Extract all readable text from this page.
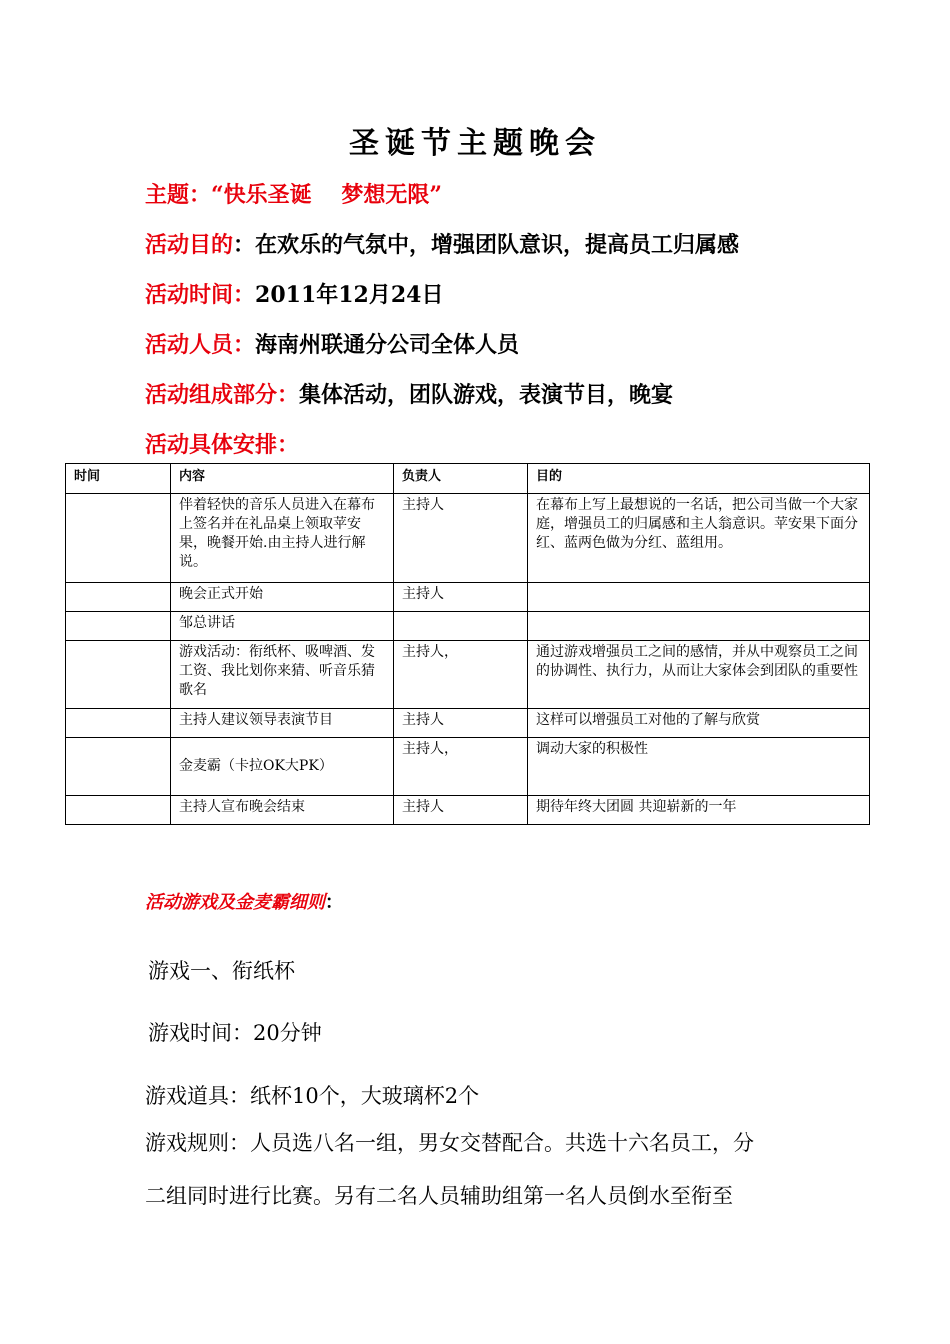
圣诞节主题晚会
主题：“快乐圣诞　 梦想无限”
活动目的：在欢乐的气氛中，增强团队意识，提高员工归属感
活动时间：2011年12月24日
活动人员：海南州联通分公司全体人员
活动组成部分：集体活动，团队游戏，表演节目，晚宴
活动具体安排：
时间	内容	负责人	目的
	伴着轻快的音乐人员进入在幕布上签名并在礼品桌上领取苹安果，晚餐开始.由主持人进行解说。	主持人	在幕布上写上最想说的一名话，把公司当做一个大家庭，增强员工的归属感和主人翁意识。苹安果下面分红、蓝两色做为分红、蓝组用。
	晚会正式开始	主持人	
	邹总讲话		
	游戏活动：衔纸杯、吸啤酒、发工资、我比划你来猜、听音乐猜歌名	主持人，	通过游戏增强员工之间的感情，并从中观察员工之间的协调性、执行力，从而让大家体会到团队的重要性
	主持人建议领导表演节目	主持人	这样可以增强员工对他的了解与欣赏
	金麦霸（卡拉OK大PK）	主持人，	调动大家的积极性
	主持人宣布晚会结束	主持人	期待年终大团圆 共迎崭新的一年
活动游戏及金麦霸细则：
游戏一、衔纸杯
游戏时间：20分钟
游戏道具：纸杯10个，大玻璃杯2个
游戏规则：人员选八名一组，男女交替配合。共选十六名员工，分
二组同时进行比赛。另有二名人员辅助组第一名人员倒水至衔至
